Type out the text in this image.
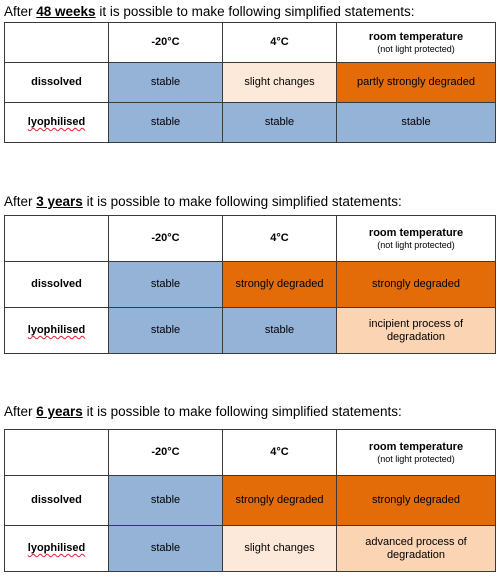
After 48 weeks it is possible to make following simplified statements:
	-20°C	4°C	room temperature
(not light protected)

dissolved	stable	slight changes	partly strongly degraded
lyophilised	stable	stable	stable
After 3 years it is possible to make following simplified statements:
	-20°C	4°C	room temperature
(not light protected)

dissolved	stable	strongly degraded	strongly degraded
lyophilised	stable	stable	incipient process of degradation
After 6 years it is possible to make following simplified statements:
	-20°C	4°C	room temperature
(not light protected)

dissolved	stable	strongly degraded	strongly degraded
lyophilised	stable	slight changes	advanced process of degradation
